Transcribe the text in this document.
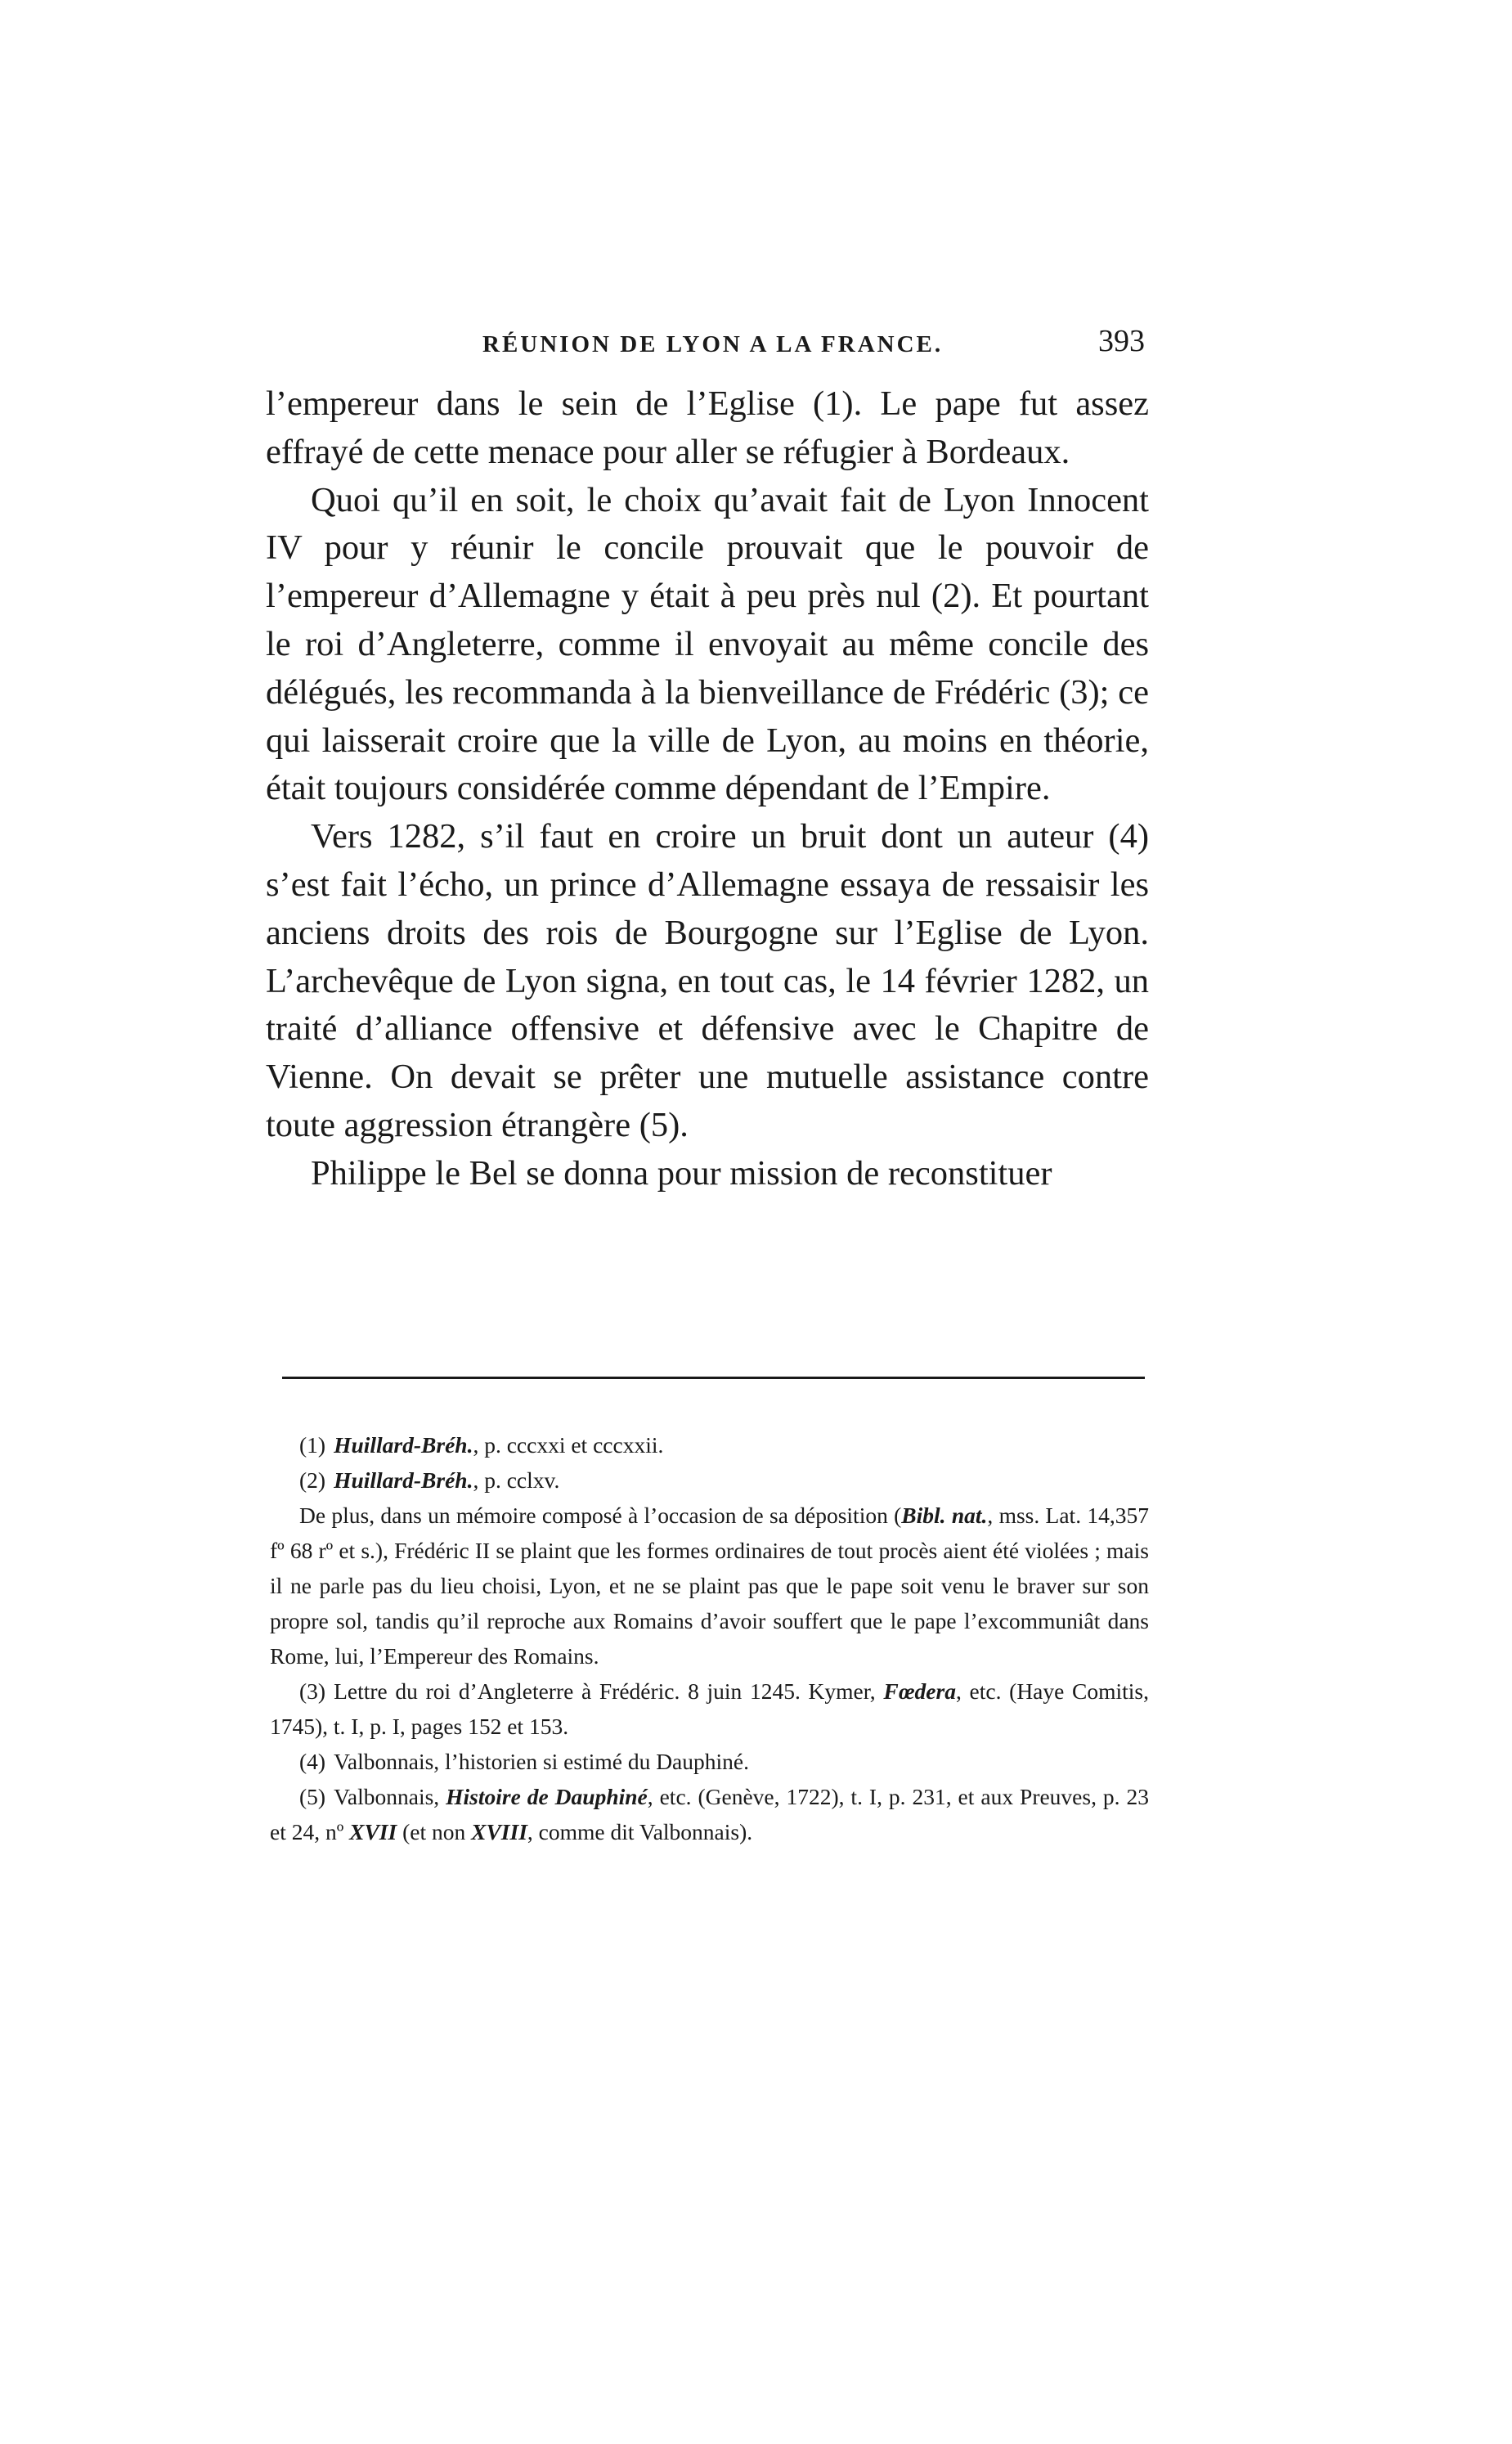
RÉUNION DE LYON A LA FRANCE.	393

l’empereur dans le sein de l’Eglise (1). Le pape fut assez effrayé de cette menace pour aller se réfugier à Bordeaux.

Quoi qu’il en soit, le choix qu’avait fait de Lyon Innocent IV pour y réunir le concile prouvait que le pouvoir de l’empereur d’Allemagne y était à peu près nul (2). Et pourtant le roi d’Angleterre, comme il envoyait au même concile des délégués, les recommanda à la bienveillance de Frédéric (3); ce qui laisserait croire que la ville de Lyon, au moins en théorie, était toujours considérée comme dépendant de l’Empire.

Vers 1282, s’il faut en croire un bruit dont un auteur (4) s’est fait l’écho, un prince d’Allemagne essaya de ressaisir les anciens droits des rois de Bourgogne sur l’Eglise de Lyon. L’archevêque de Lyon signa, en tout cas, le 14 février 1282, un traité d’alliance offensive et défensive avec le Chapitre de Vienne. On devait se prêter une mutuelle assistance contre toute aggression étrangère (5).

Philippe le Bel se donna pour mission de reconstituer

(1) Huillard-Bréh., p. cccxxi et cccxxii.

(2) Huillard-Bréh., p. cclxv.

De plus, dans un mémoire composé à l’occasion de sa déposition (Bibl. nat., mss. Lat. 14,357 fº 68 rº et s.), Frédéric II se plaint que les formes ordinaires de tout procès aient été violées ; mais il ne parle pas du lieu choisi, Lyon, et ne se plaint pas que le pape soit venu le braver sur son propre sol, tandis qu’il reproche aux Romains d’avoir souffert que le pape l’excommuniât dans Rome, lui, l’Empereur des Romains.

(3) Lettre du roi d’Angleterre à Frédéric. 8 juin 1245. Kymer, Fœdera, etc. (Haye Comitis, 1745), t. I, p. I, pages 152 et 153.

(4) Valbonnais, l’historien si estimé du Dauphiné.

(5) Valbonnais, Histoire de Dauphiné, etc. (Genève, 1722), t. I, p. 231, et aux Preuves, p. 23 et 24, nº XVII (et non XVIII, comme dit Valbonnais).
